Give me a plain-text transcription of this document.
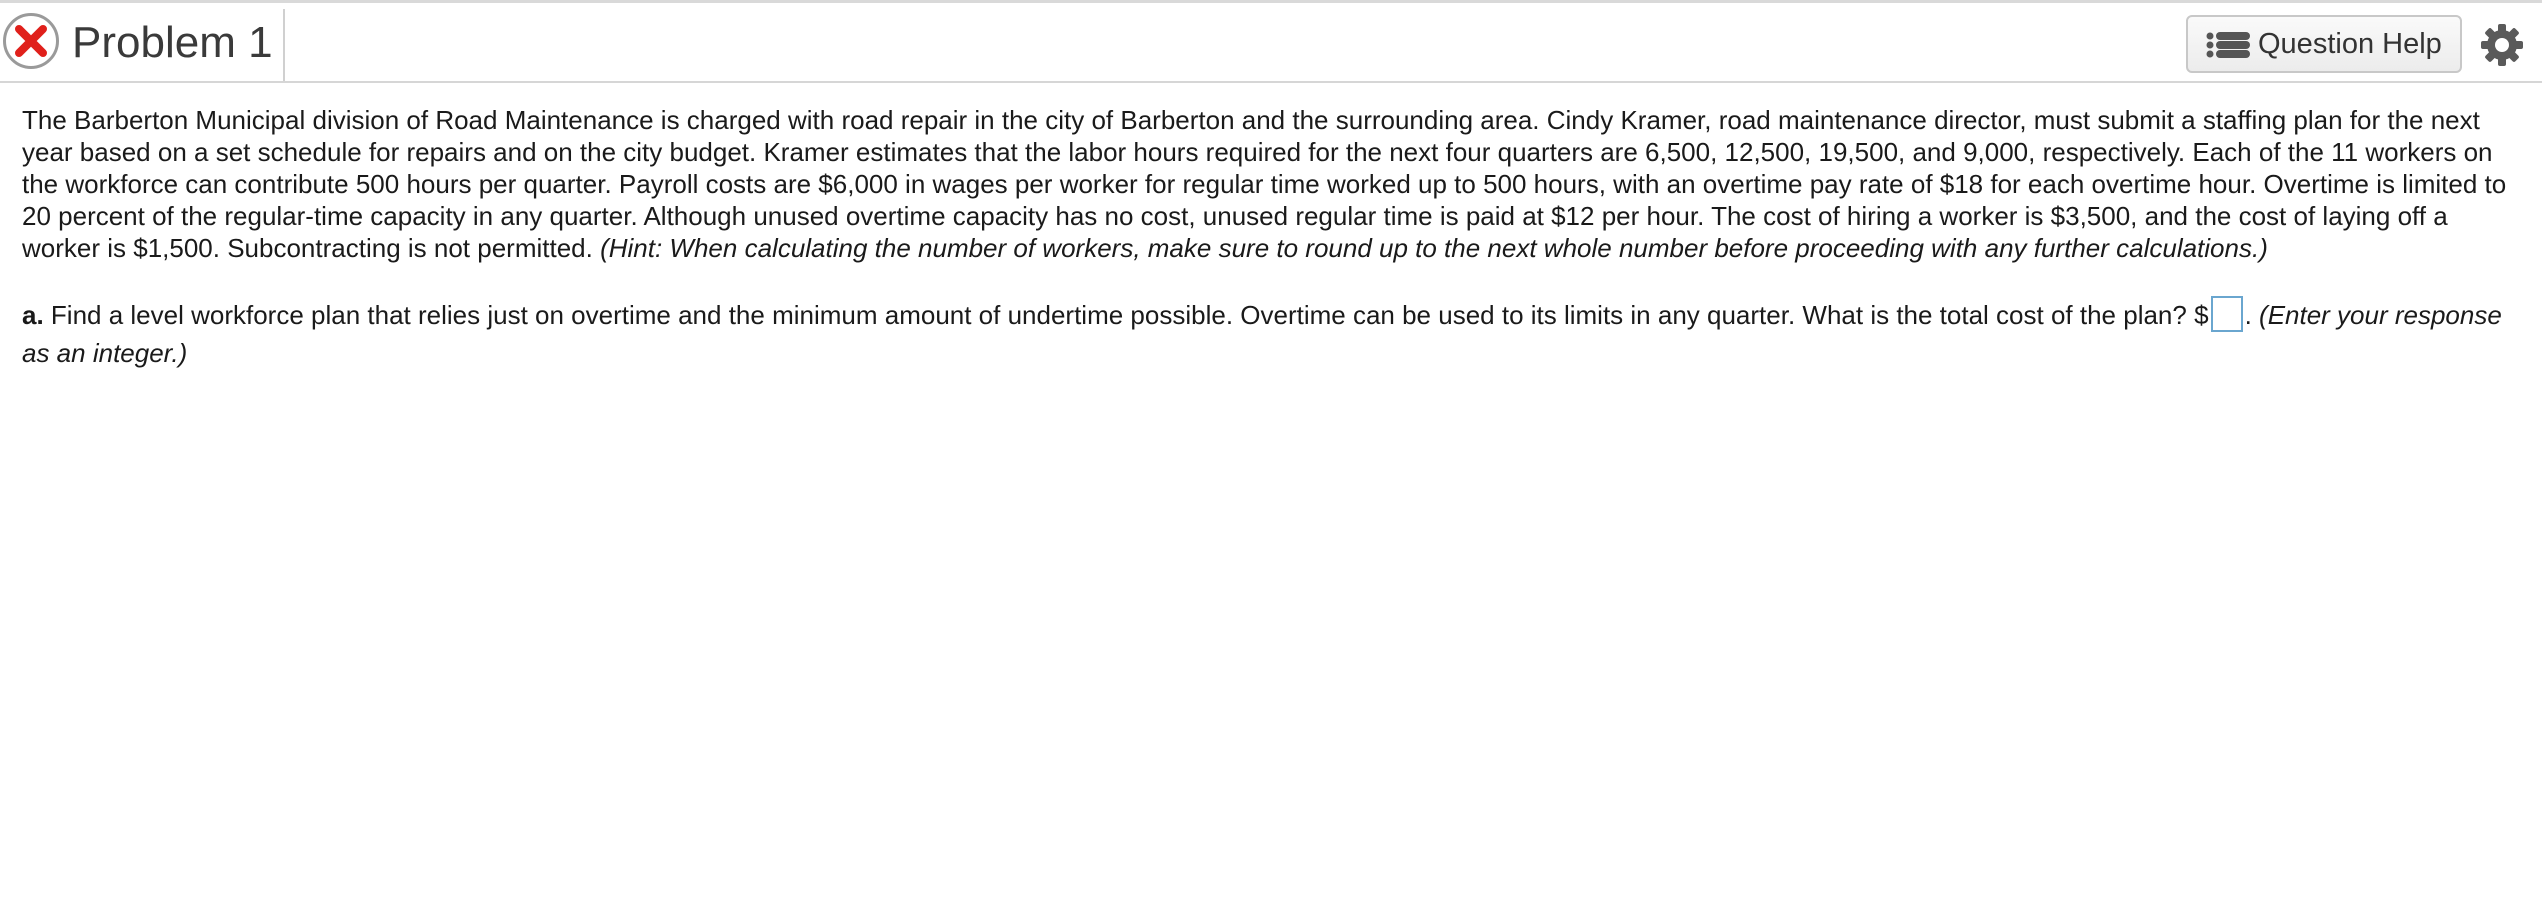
Problem 1	Question Help

The Barberton Municipal division of Road Maintenance is charged with road repair in the city of Barberton and the surrounding area. Cindy Kramer, road maintenance director, must submit a staffing plan for the next year based on a set schedule for repairs and on the city budget. Kramer estimates that the labor hours required for the next four quarters are 6,500, 12,500, 19,500, and 9,000, respectively. Each of the 11 workers on the workforce can contribute 500 hours per quarter. Payroll costs are $6,000 in wages per worker for regular time worked up to 500 hours, with an overtime pay rate of $18 for each overtime hour. Overtime is limited to 20 percent of the regular-time capacity in any quarter. Although unused overtime capacity has no cost, unused regular time is paid at $12 per hour. The cost of hiring a worker is $3,500, and the cost of laying off a worker is $1,500. Subcontracting is not permitted. (Hint: When calculating the number of workers, make sure to round up to the next whole number before proceeding with any further calculations.)

a. Find a level workforce plan that relies just on overtime and the minimum amount of undertime possible. Overtime can be used to its limits in any quarter. What is the total cost of the plan? $ . (Enter your response as an integer.)
